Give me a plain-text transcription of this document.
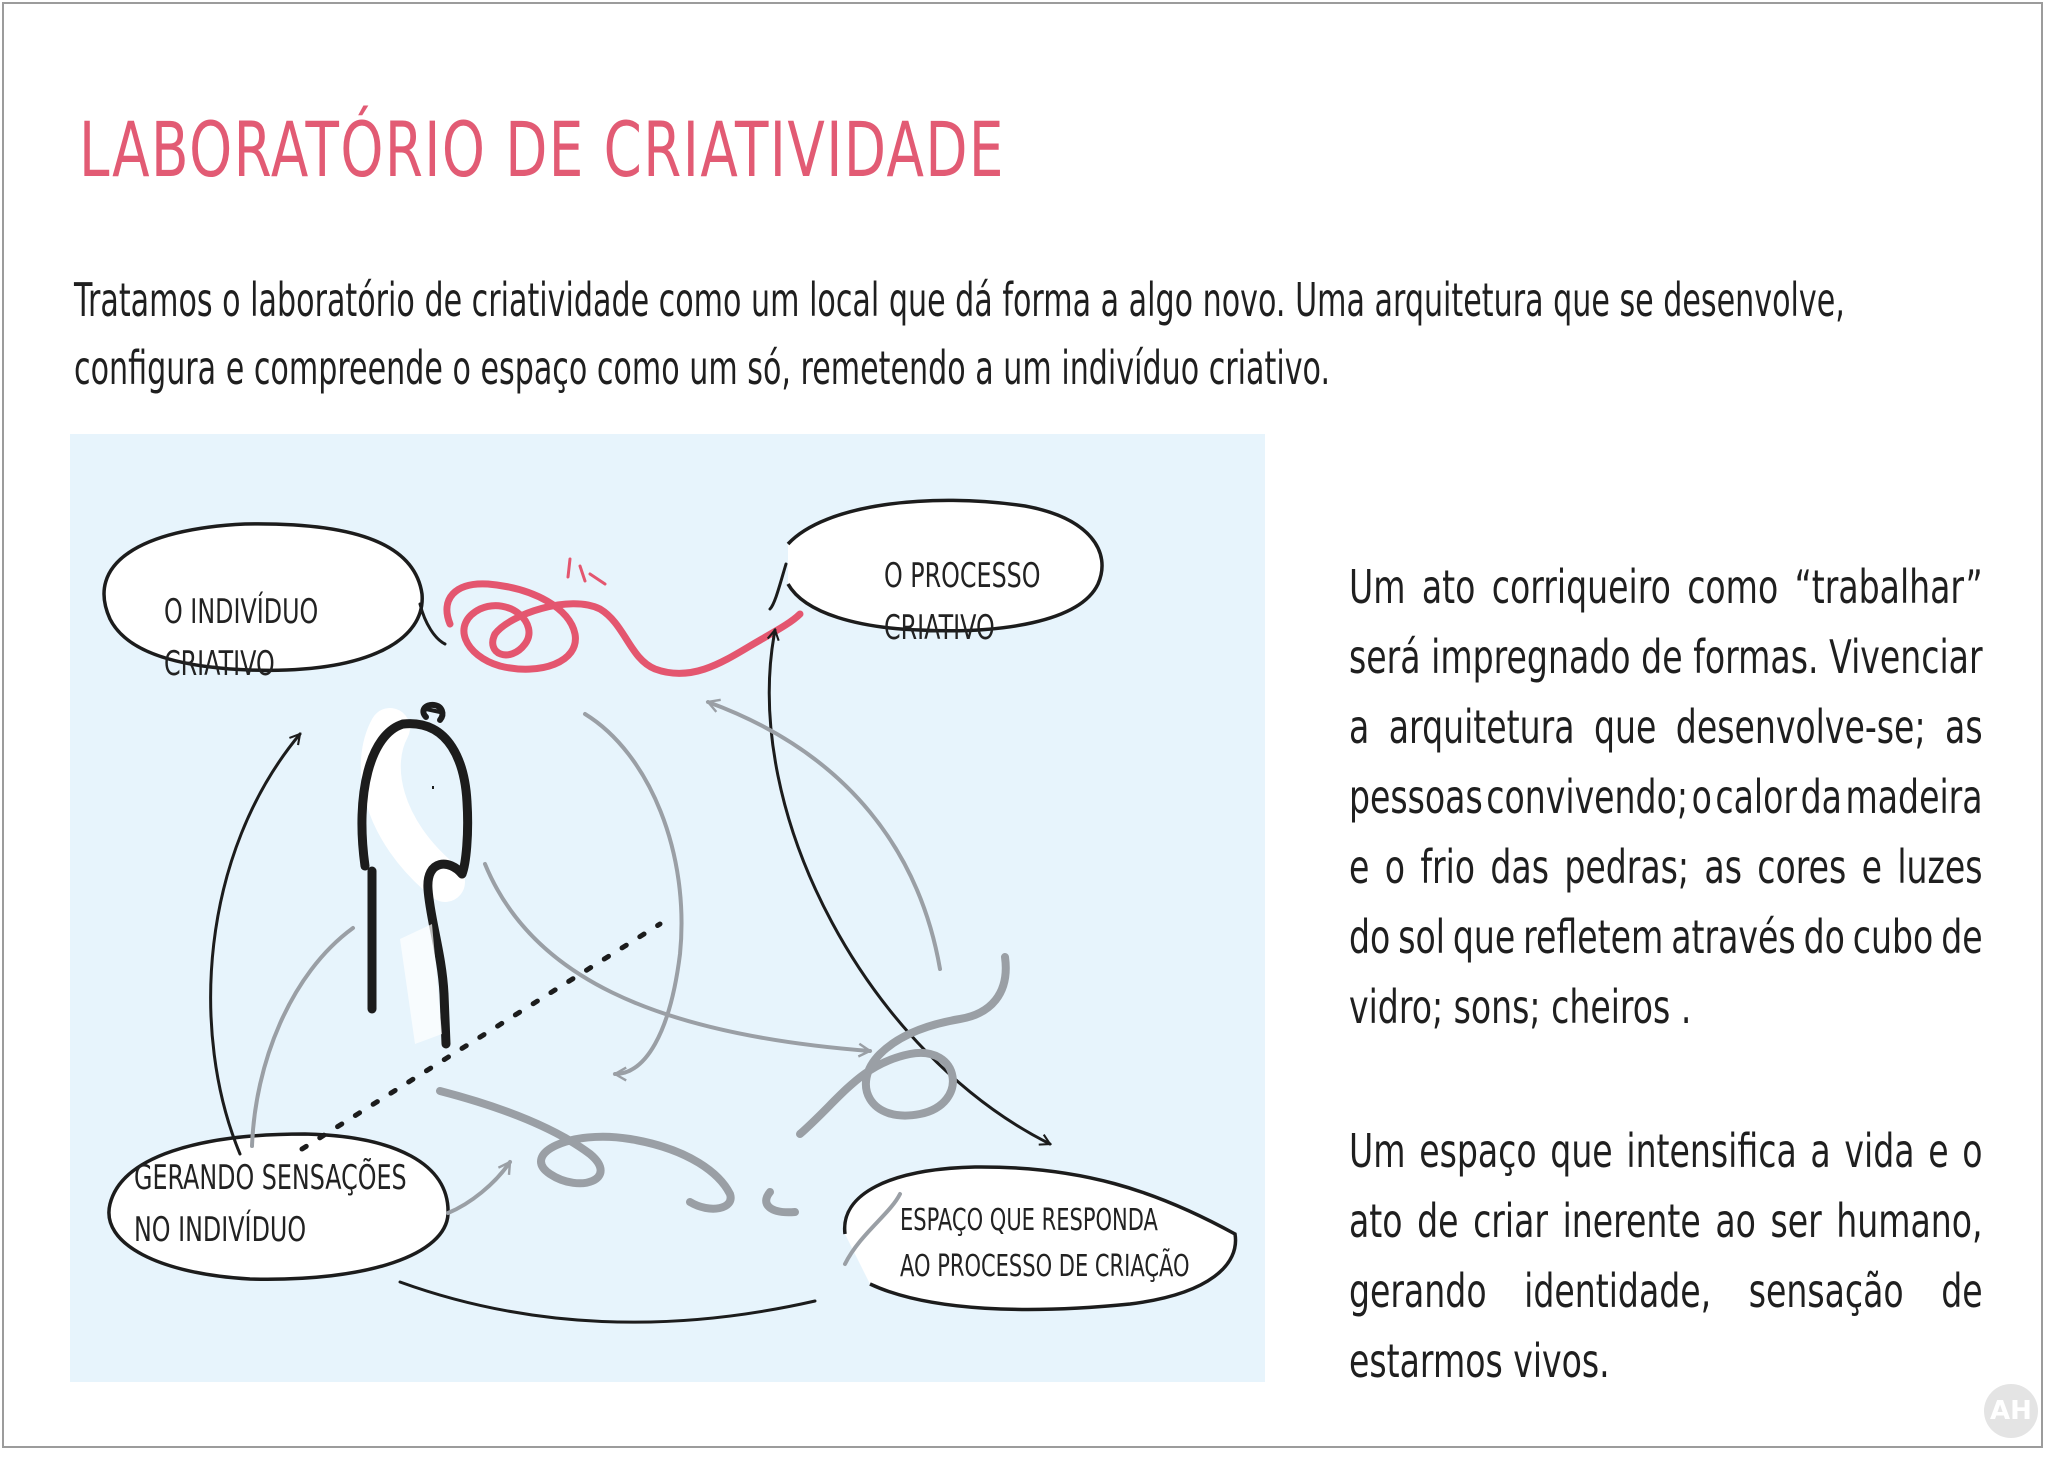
LABORATÓRIO DE CRIATIVIDADE
Tratamos o laboratório de criatividade como um local que dá forma a algo novo. Uma arquitetura que se desenvolve,
configura e compreende o espaço como um só, remetendo a um indivíduo criativo.
O INDIVÍDUO
CRIATIVO
O PROCESSO
CRIATIVO
GERANDO SENSAÇÕES
NO INDIVÍDUO	ESPAÇO QUE RESPONDA
AO PROCESSO DE CRIAÇÃO
Um ato corriqueiro como “trabalhar”
será impregnado de formas. Vivenciar
a arquitetura que desenvolve-se; as
pessoas convivendo; o calor da madeira
e o frio das pedras; as cores e luzes
do sol que refletem através do cubo de
vidro; sons; cheiros .
Um espaço que intensifica a vida e o
ato de criar inerente ao ser humano,
gerando identidade, sensação de
estarmos vivos.
AH
